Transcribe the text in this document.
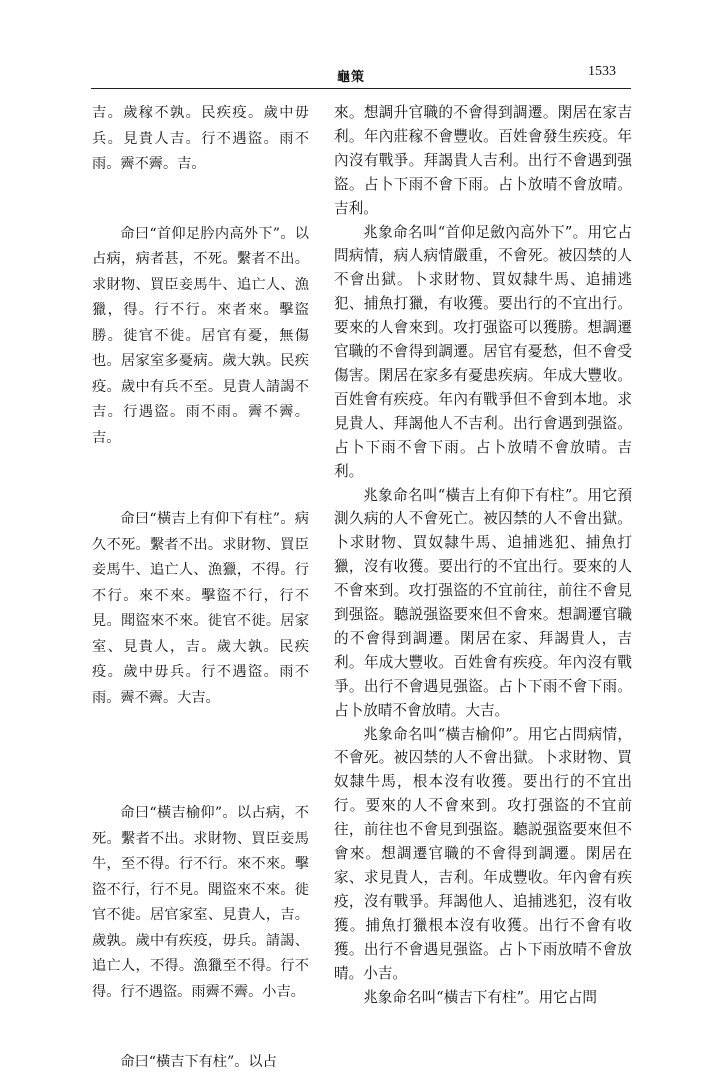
龜策	1533

吉。歲稼不孰。民疾疫。歲中毋兵。見貴人吉。行不遇盜。雨不雨。霽不霽。吉。

命曰“首仰足肣内高外下”。以占病，病者甚，不死。繫者不出。求財物、買臣妾馬牛、追亡人、漁獵，得。行不行。來者來。擊盜勝。徙官不徙。居官有憂，無傷也。居家室多憂病。歲大孰。民疾疫。歲中有兵不至。見貴人請謁不吉。行遇盜。雨不雨。霽不霽。吉。

命曰“橫吉上有仰下有柱”。病久不死。繫者不出。求財物、買臣妾馬牛、追亡人、漁獵，不得。行不行。來不來。擊盜不行，行不見。聞盜來不來。徙官不徙。居家室、見貴人，吉。歲大孰。民疾疫。歲中毋兵。行不遇盜。雨不雨。霽不霽。大吉。

命曰“橫吉榆仰”。以占病，不死。繫者不出。求財物、買臣妾馬牛，至不得。行不行。來不來。擊盜不行，行不見。聞盜來不來。徙官不徙。居官家室、見貴人，吉。歲孰。歲中有疾疫，毋兵。請謁、追亡人，不得。漁獵至不得。行不得。行不遇盜。雨霽不霽。小吉。

命曰“橫吉下有柱”。以占

來。想調升官職的不會得到調遷。閑居在家吉利。年內莊稼不會豐收。百姓會發生疾疫。年內沒有戰爭。拜謁貴人吉利。出行不會遇到强盜。占卜下雨不會下雨。占卜放晴不會放晴。吉利。

兆象命名叫“首仰足斂內高外下”。用它占問病情，病人病情嚴重，不會死。被囚禁的人不會出獄。卜求財物、買奴隸牛馬、追捕逃犯、捕魚打獵，有收獲。要出行的不宜出行。要來的人會來到。攻打强盜可以獲勝。想調遷官職的不會得到調遷。居官有憂愁，但不會受傷害。閑居在家多有憂患疾病。年成大豐收。百姓會有疾疫。年內有戰爭但不會到本地。求見貴人、拜謁他人不吉利。出行會遇到强盜。占卜下雨不會下雨。占卜放晴不會放晴。吉利。

兆象命名叫“橫吉上有仰下有柱”。用它預測久病的人不會死亡。被囚禁的人不會出獄。卜求財物、買奴隸牛馬、追捕逃犯、捕魚打獵，沒有收獲。要出行的不宜出行。要來的人不會來到。攻打强盜的不宜前往，前往不會見到强盜。聽説强盜要來但不會來。想調遷官職的不會得到調遷。閑居在家、拜謁貴人，吉利。年成大豐收。百姓會有疾疫。年內沒有戰爭。出行不會遇見强盜。占卜下雨不會下雨。占卜放晴不會放晴。大吉。

兆象命名叫“橫吉榆仰”。用它占問病情，不會死。被囚禁的人不會出獄。卜求財物、買奴隸牛馬，根本沒有收獲。要出行的不宜出行。要來的人不會來到。攻打强盜的不宜前往，前往也不會見到强盜。聽説强盜要來但不會來。想調遷官職的不會得到調遷。閑居在家、求見貴人，吉利。年成豐收。年內會有疾疫，沒有戰爭。拜謁他人、追捕逃犯，沒有收獲。捕魚打獵根本沒有收獲。出行不會有收獲。出行不會遇見强盜。占卜下雨放晴不會放晴。小吉。

兆象命名叫“橫吉下有柱”。用它占問
